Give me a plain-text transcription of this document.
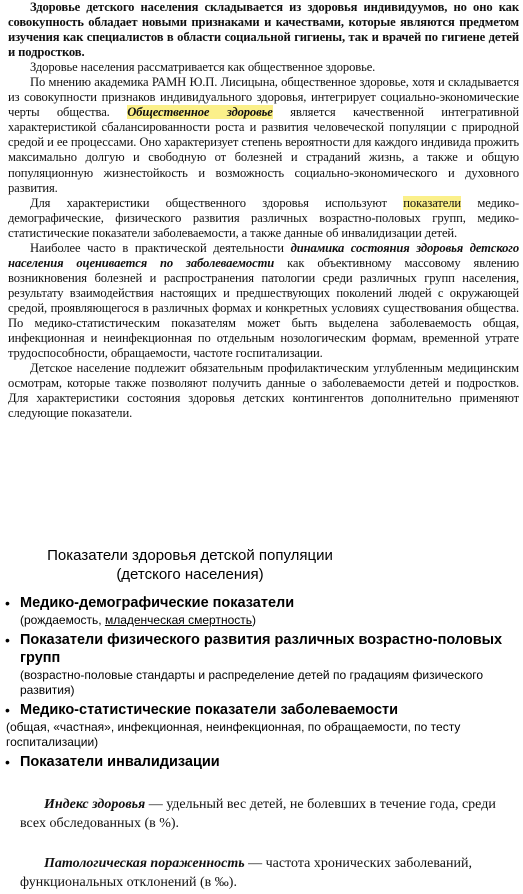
Здоровье детского населения складывается из здоровья индивидуумов, но оно как совокупность обладает новыми признаками и качествами, которые являются предметом изучения как специалистов в области социальной гигиены, так и врачей по гигиене детей и подростков.

Здоровье населения рассматривается как общественное здоровье.

По мнению академика РАМН Ю.П. Лисицына, общественное здоровье, хотя и складывается из совокупности признаков индивидуального здоровья, интегрирует социально-экономические черты общества. Общественное здоровье является качественной интегративной характеристикой сбалансированности роста и развития человеческой популяции с природной средой и ее процессами. Оно характеризует степень вероятности для каждого индивида прожить максимально долгую и свободную от болезней и страданий жизнь, а также и общую популяционную жизнестойкость и возможность социально-экономического и духовного развития.

Для характеристики общественного здоровья используют показатели медико-демографические, физического развития различных возрастно-половых групп, медико-статистические показатели заболеваемости, а также данные об инвалидизации детей.

Наиболее часто в практической деятельности динамика состояния здоровья детского населения оценивается по заболеваемости как объективному массовому явлению возникновения болезней и распространения патологии среди различных групп населения, результату взаимодействия настоящих и предшествующих поколений людей с окружающей средой, проявляющегося в различных формах и конкретных условиях существования общества. По медико-статистическим показателям может быть выделена заболеваемость общая, инфекционная и неинфекционная по отдельным нозологическим формам, временной утрате трудоспособности, обращаемости, частоте госпитализации.

Детское население подлежит обязательным профилактическим углубленным медицинским осмотрам, которые также позволяют получить данные о заболеваемости детей и подростков. Для характеристики состояния здоровья детских контингентов дополнительно применяют следующие показатели.

Показатели здоровья детской популяции
(детского населения)
• Медико-демографические показатели
(рождаемость, младенческая смертность)
• Показатели физического развития различных возрастно-половых групп
(возрастно-половые стандарты и распределение детей по градациям физического развития)
• Медико-статистические показатели заболеваемости
(общая, «частная», инфекционная, неинфекционная, по обращаемости, по тесту госпитализации)
• Показатели инвалидизации

Индекс здоровья — удельный вес детей, не болевших в течение года, среди всех обследованных (в %).

Патологическая пораженность — частота хронических заболеваний, функциональных отклонений (в ‰).
